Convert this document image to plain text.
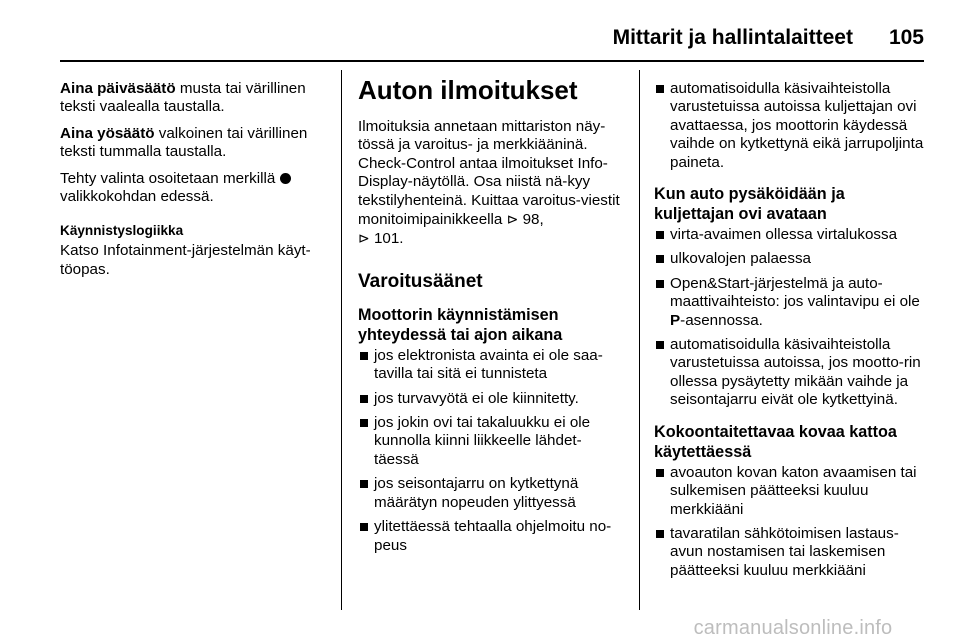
Mittarit ja hallintalaitteet 105

Aina päiväsäätö musta tai värillinen teksti vaalealla taustalla.

Aina yösäätö valkoinen tai värillinen teksti tummalla taustalla.

Tehty valinta osoitetaan merkillä
valikkokohdan edessä.

Käynnistyslogiikka

Katso Infotainment-järjestelmän käyt-töopas.

Auton ilmoitukset

Ilmoituksia annetaan mittariston näy-tössä ja varoitus- ja merkkiääninä. Check-Control antaa ilmoitukset Info-Display-näytöllä. Osa niistä nä-kyy tekstilyhenteinä. Kuittaa varoitus-viestit monitoimipainikkeella ⊳ 98,
⊳ 101.

Varoitusäänet
Moottorin käynnistämisen yhteydessä tai ajon aikana
jos elektronista avainta ei ole saa-tavilla tai sitä ei tunnisteta
jos turvavyötä ei ole kiinnitetty.
jos jokin ovi tai takaluukku ei ole kunnolla kiinni liikkeelle lähdet-täessä
jos seisontajarru on kytkettynä määrätyn nopeuden ylittyessä
ylitettäessä tehtaalla ohjelmoitu no-peus
automatisoidulla käsivaihteistolla varustetuissa autoissa kuljettajan ovi avattaessa, jos moottorin käydessä vaihde on kytkettynä eikä jarrupoljinta paineta.
Kun auto pysäköidään ja kuljettajan ovi avataan
virta-avaimen ollessa virtalukossa
ulkovalojen palaessa
Open&Start-järjestelmä ja auto-maattivaihteisto: jos valintavipu ei ole P-asennossa.
automatisoidulla käsivaihteistolla varustetuissa autoissa, jos mootto-rin ollessa pysäytetty mikään vaihde ja seisontajarru eivät ole kytkettyinä.
Kokoontaitettavaa kovaa kattoa käytettäessä
avoauton kovan katon avaamisen tai sulkemisen päätteeksi kuuluu merkkiääni
tavaratilan sähkötoimisen lastaus-avun nostamisen tai laskemisen päätteeksi kuuluu merkkiääni
carmanualsonline.info
